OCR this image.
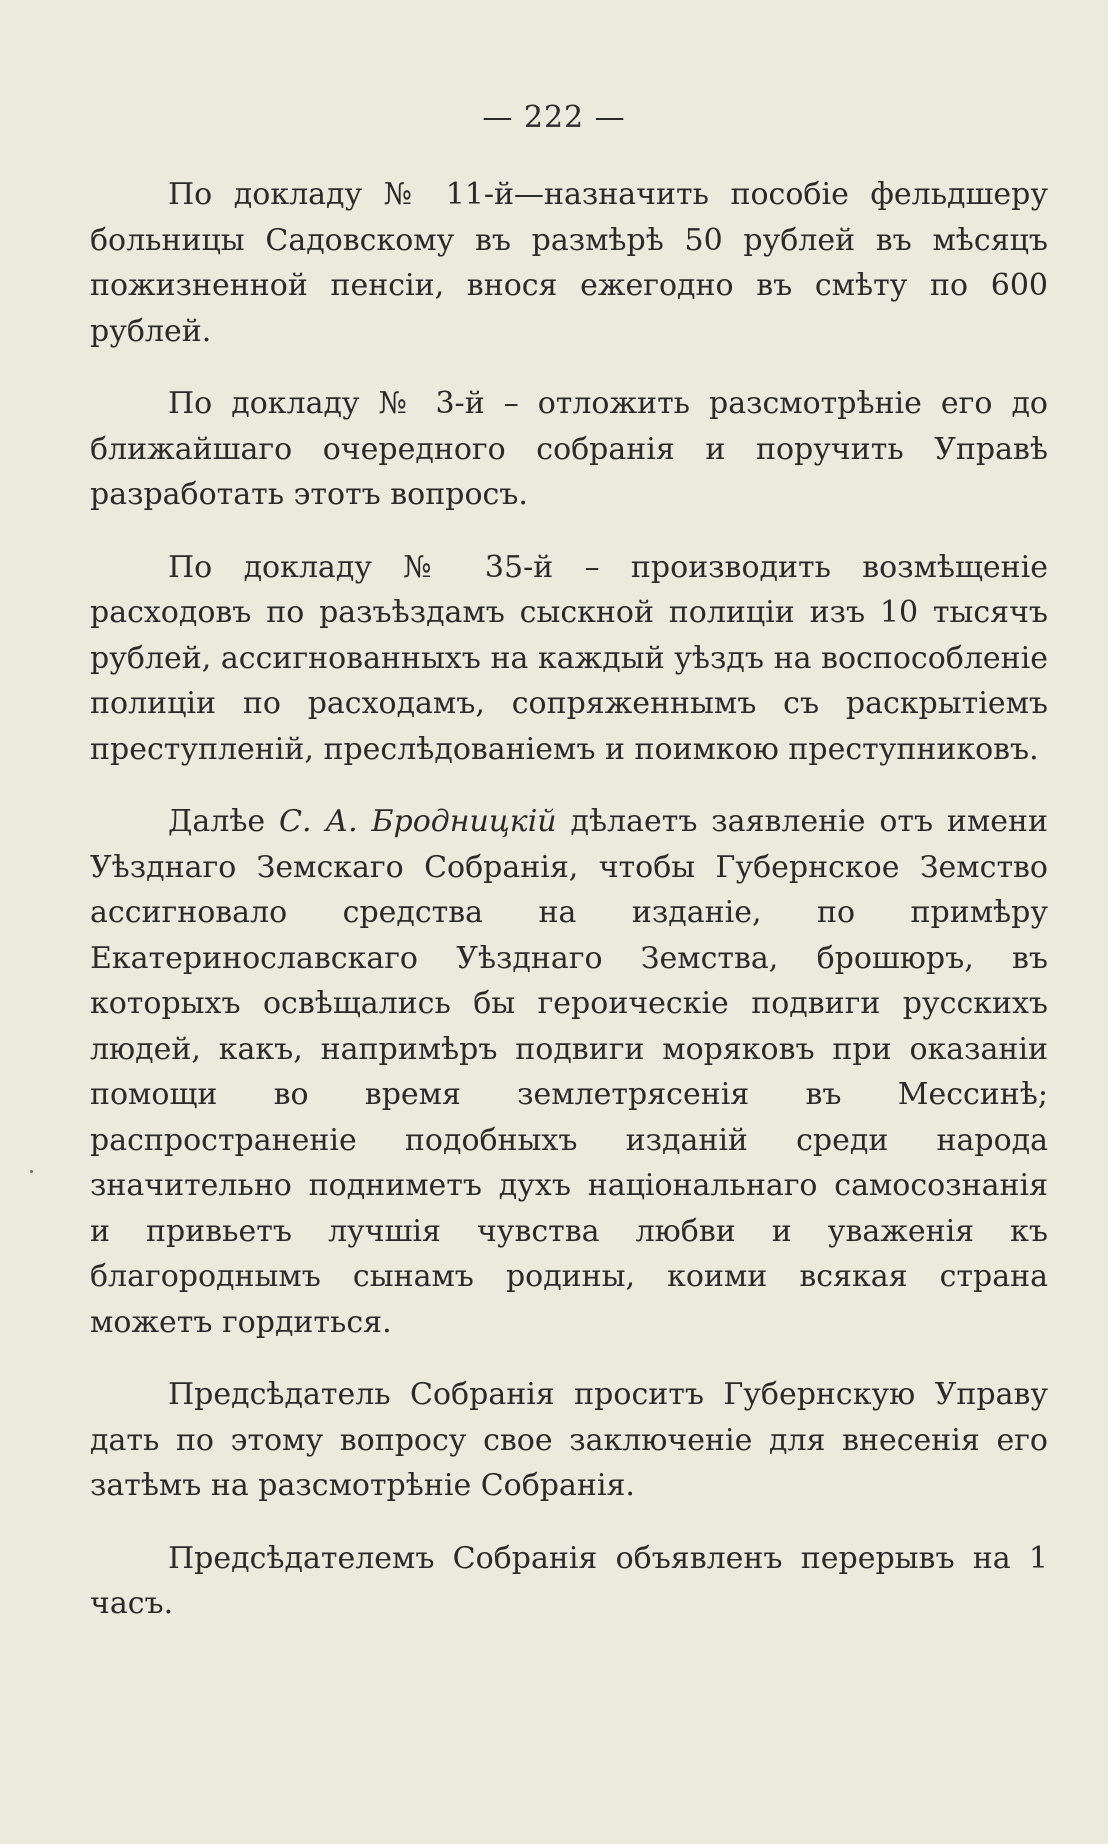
— 222 —

По докладу № 11-й—назначить пособіе фельдшеру больницы Садовскому въ размѣрѣ 50 рублей въ мѣсяцъ пожизненной пенсіи, внося ежегодно въ смѣту по 600 рублей.

По докладу № 3-й – отложить разсмотрѣніе его до ближайшаго очередного собранія и поручить Управѣ разработать этотъ вопросъ.

По докладу № 35-й – производить возмѣщеніе расходовъ по разъѣздамъ сыскной полиціи изъ 10 тысячъ рублей, ассигнованныхъ на каждый уѣздъ на воспособленіе полиціи по расходамъ, сопряженнымъ съ раскрытіемъ преступленій, преслѣдованіемъ и поимкою преступниковъ.

Далѣе С. А. Бродницкій дѣлаетъ заявленіе отъ имени Уѣзднаго Земскаго Собранія, чтобы Губернское Земство ассигновало средства на изданіе, по примѣру Екатеринославскаго Уѣзднаго Земства, брошюръ, въ которыхъ освѣщались бы героическіе подвиги русскихъ людей, какъ, напримѣръ подвиги моряковъ при оказаніи помощи во время землетрясенія въ Мессинѣ; распространеніе подобныхъ изданій среди народа значительно подниметъ духъ національнаго самосознанія и привьетъ лучшія чувства любви и уваженія къ благороднымъ сынамъ родины, коими всякая страна можетъ гордиться.

Предсѣдатель Собранія проситъ Губернскую Управу дать по этому вопросу свое заключеніе для внесенія его затѣмъ на разсмотрѣніе Собранія.

Предсѣдателемъ Собранія объявленъ перерывъ на 1 часъ.
